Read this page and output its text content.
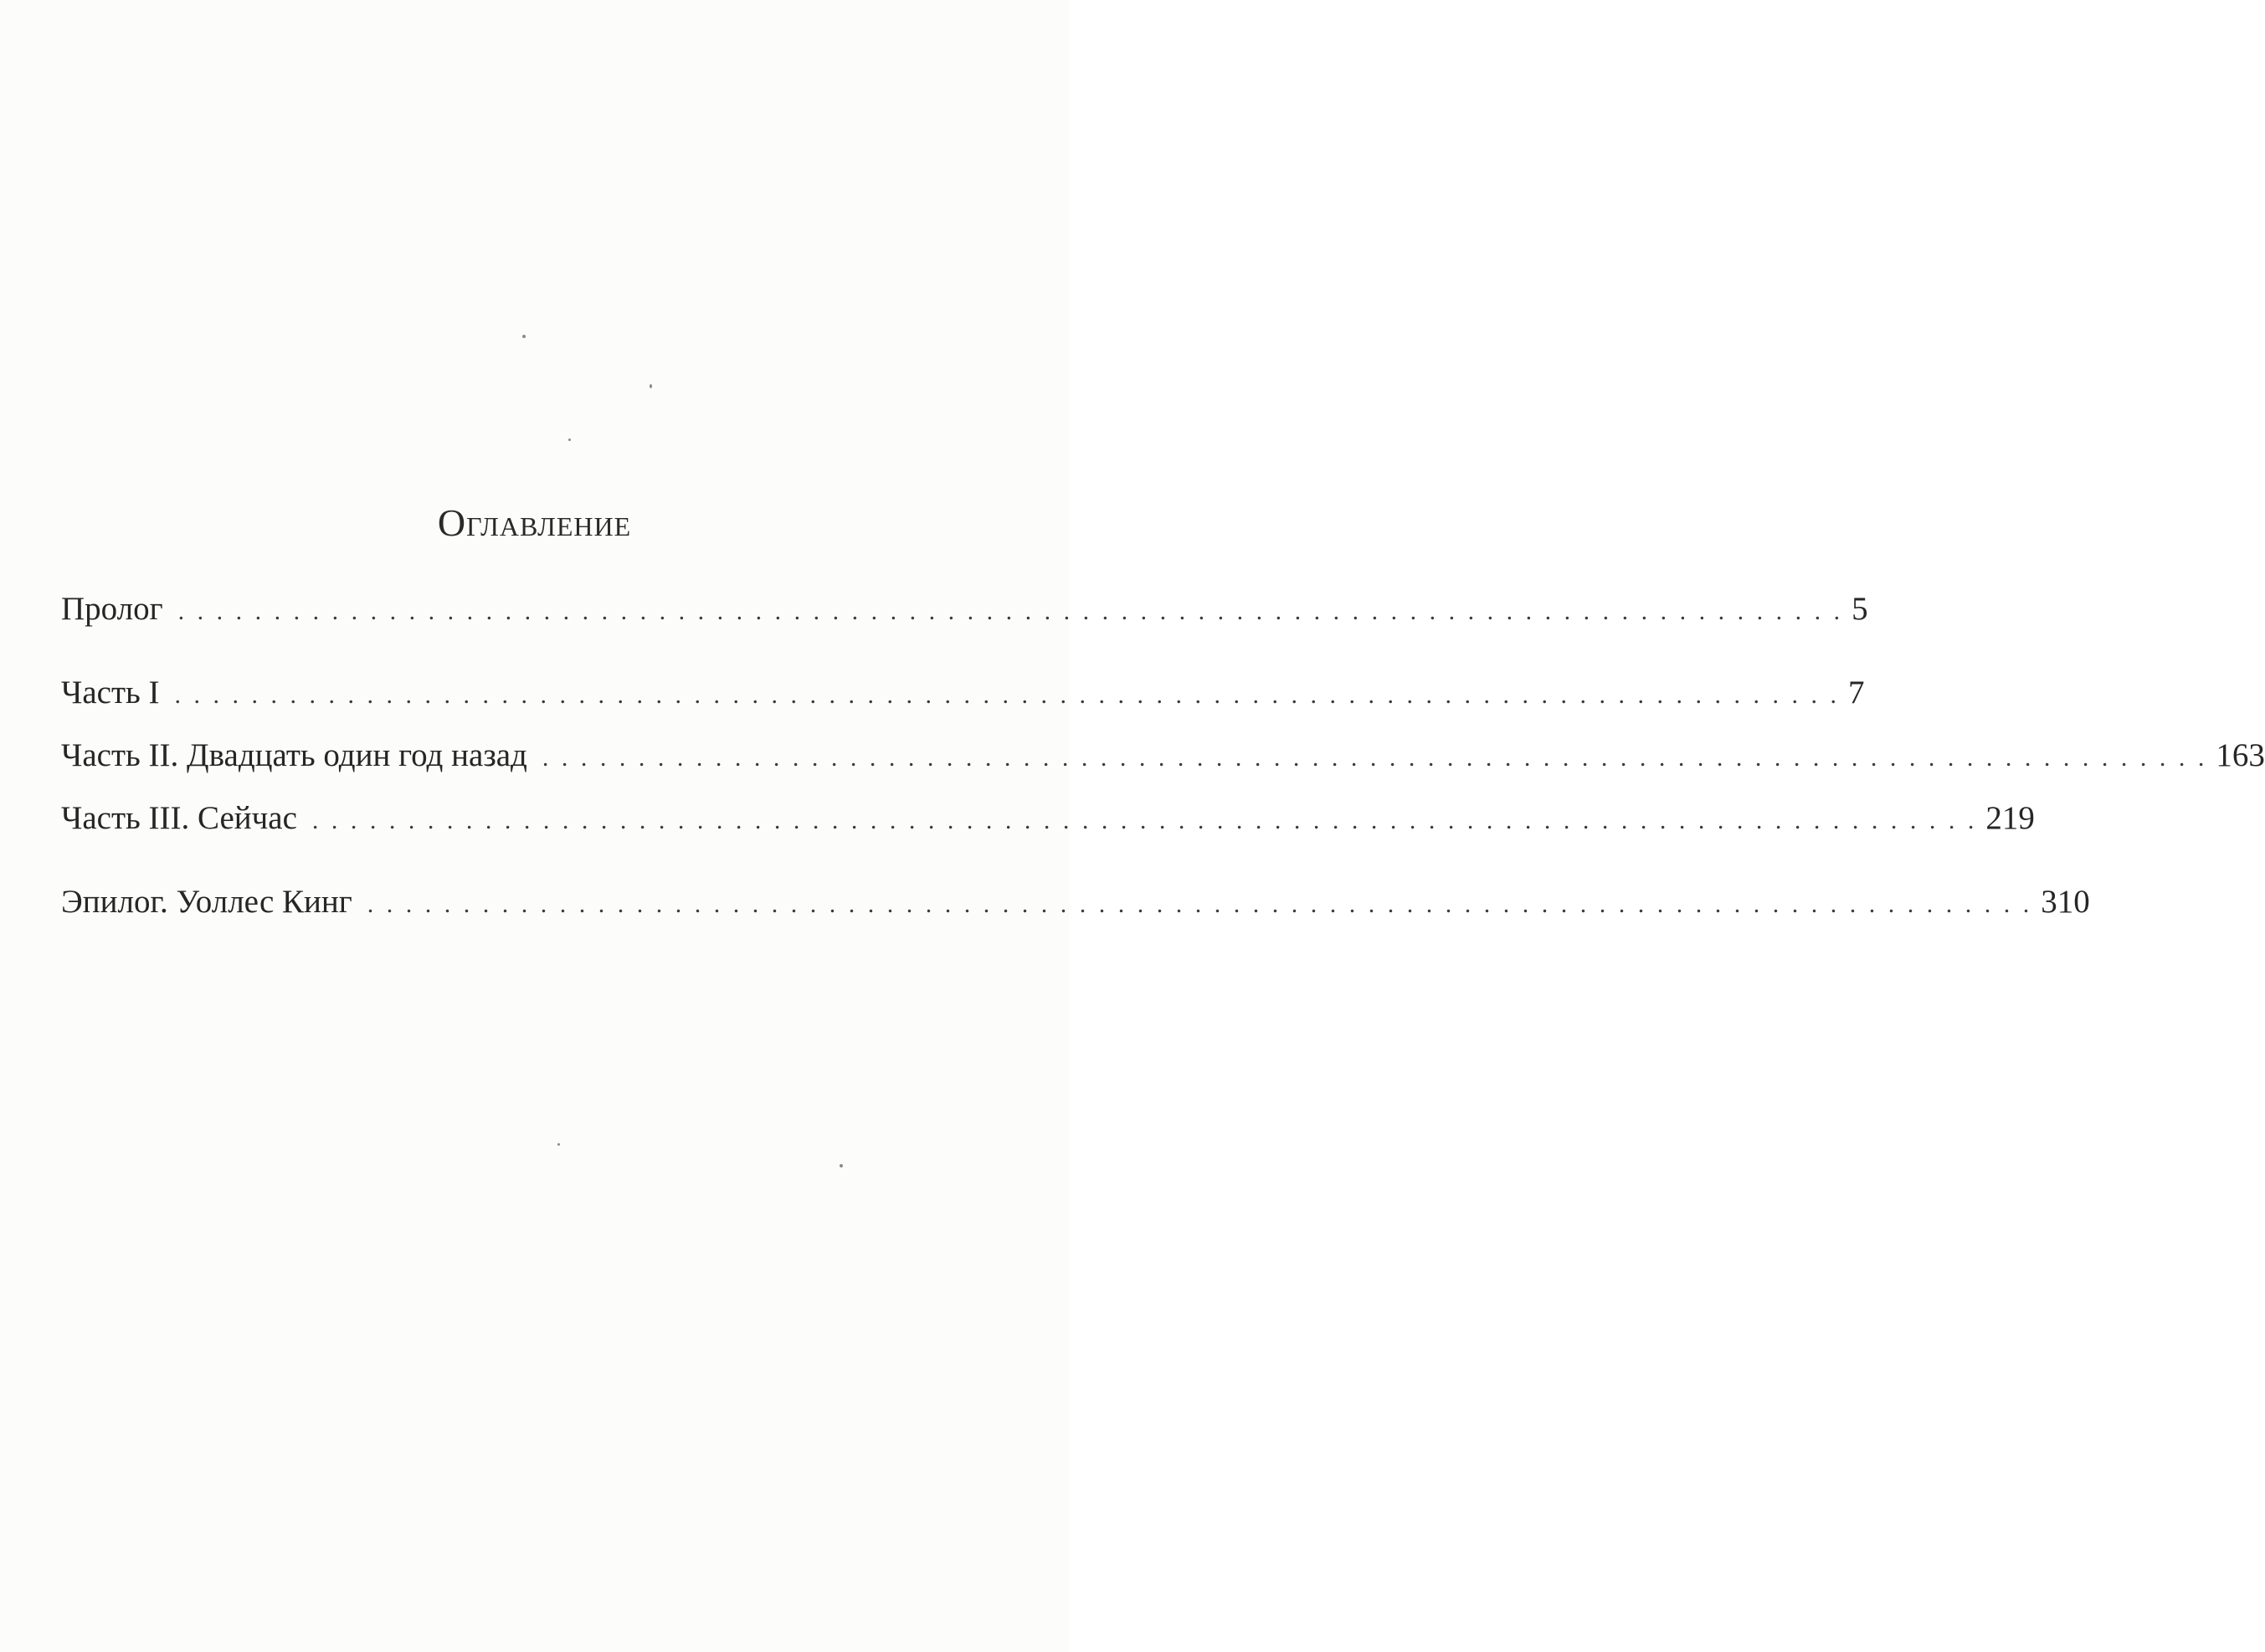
Оглавление
Пролог . . . . . . . . . . . . . . . . . . . . . . . . . . . . . . . . . . . . . . . . . . . . . . . . . . . . . . . . . . . . . . . . . . . . . . . . . . . . . . . . . . . . . . . 5
Часть I . . . . . . . . . . . . . . . . . . . . . . . . . . . . . . . . . . . . . . . . . . . . . . . . . . . . . . . . . . . . . . . . . . . . . . . . . . . . . . . . . . . . . . . 7
Часть II. Двадцать один год назад . . . . . . . . . . . . . . . . . . . . . . . . . . . . . . . . . . . . . . . . . . . . . . . . . . . . . . . . . . . . . . . . . . . . . . . . . . . . . . . . . . . . . . . 163
Часть III. Сейчас . . . . . . . . . . . . . . . . . . . . . . . . . . . . . . . . . . . . . . . . . . . . . . . . . . . . . . . . . . . . . . . . . . . . . . . . . . . . . . . . . . . . . . . 219
Эпилог. Уоллес Кинг . . . . . . . . . . . . . . . . . . . . . . . . . . . . . . . . . . . . . . . . . . . . . . . . . . . . . . . . . . . . . . . . . . . . . . . . . . . . . . . . . . . . . . . 310
